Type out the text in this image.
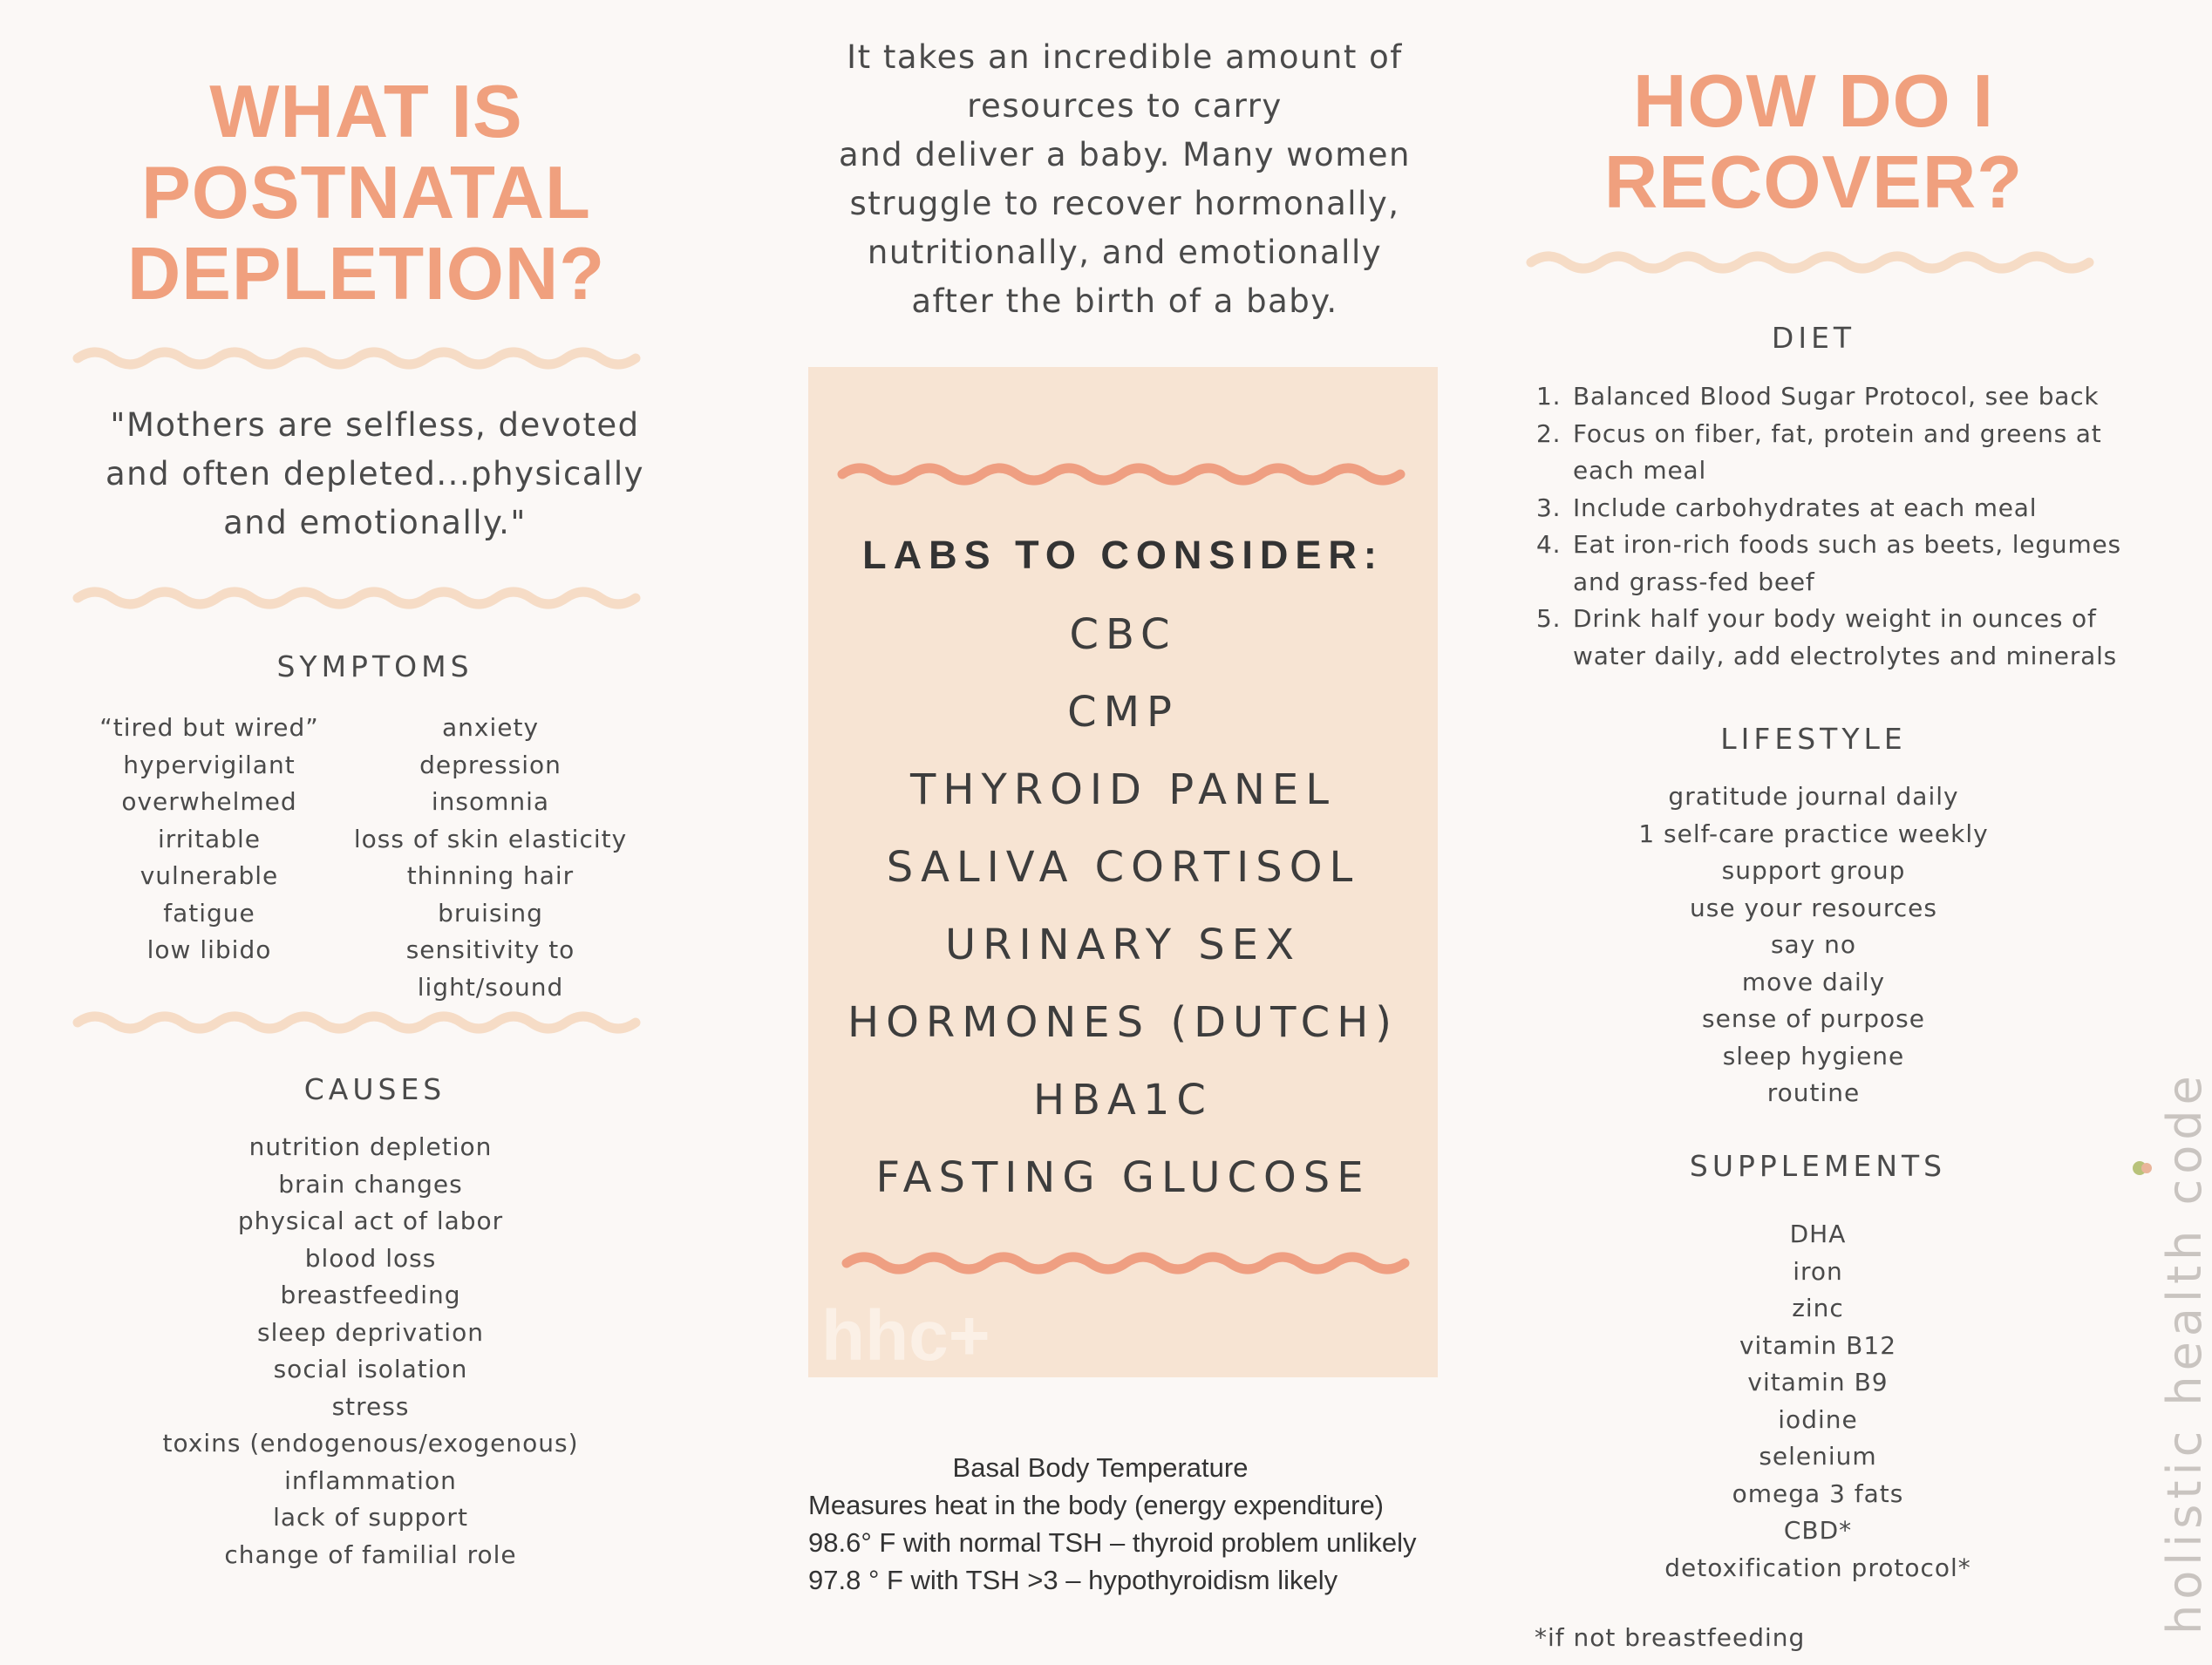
WHAT IS

POSTNATAL

DEPLETION?

"Mothers are selfless, devoted
and often depleted...physically
and emotionally."

SYMPTOMS

“tired but wired”
hypervigilant
overwhelmed
irritable
vulnerable
fatigue
low libido
anxiety
depression
insomnia
loss of skin elasticity
thinning hair
bruising
sensitivity to light/sound

CAUSES

nutrition depletion
brain changes
physical act of labor
blood loss
breastfeeding
sleep deprivation
social isolation
stress
toxins (endogenous/exogenous)
inflammation
lack of support
change of familial role
It takes an incredible amount of
resources to carry
and deliver a baby. Many women
struggle to recover hormonally,
nutritionally, and emotionally
after the birth of a baby.

LABS TO CONSIDER:

CBC

CMP

THYROID PANEL

SALIVA CORTISOL

URINARY SEX

HORMONES (DUTCH)

HBA1C

FASTING GLUCOSE

hhc+
Basal Body Temperature
Measures heat in the body (energy expenditure)
98.6° F with normal TSH – thyroid problem unlikely
97.8 ° F with TSH >3 – hypothyroidism likely

HOW DO I

RECOVER?

DIET

1. Balanced Blood Sugar Protocol, see back
2. Focus on fiber, fat, protein and greens at each meal
3. Include carbohydrates at each meal
4. Eat iron-rich foods such as beets, legumes and grass-fed beef
5. Drink half your body weight in ounces of water daily, add electrolytes and minerals

LIFESTYLE

gratitude journal daily
1 self-care practice weekly
support group
use your resources
say no
move daily
sense of purpose
sleep hygiene
routine

SUPPLEMENTS

DHA
iron
zinc
vitamin B12
vitamin B9
iodine
selenium
omega 3 fats
CBD*
detoxification protocol*
*if not breastfeeding
holistic health code
